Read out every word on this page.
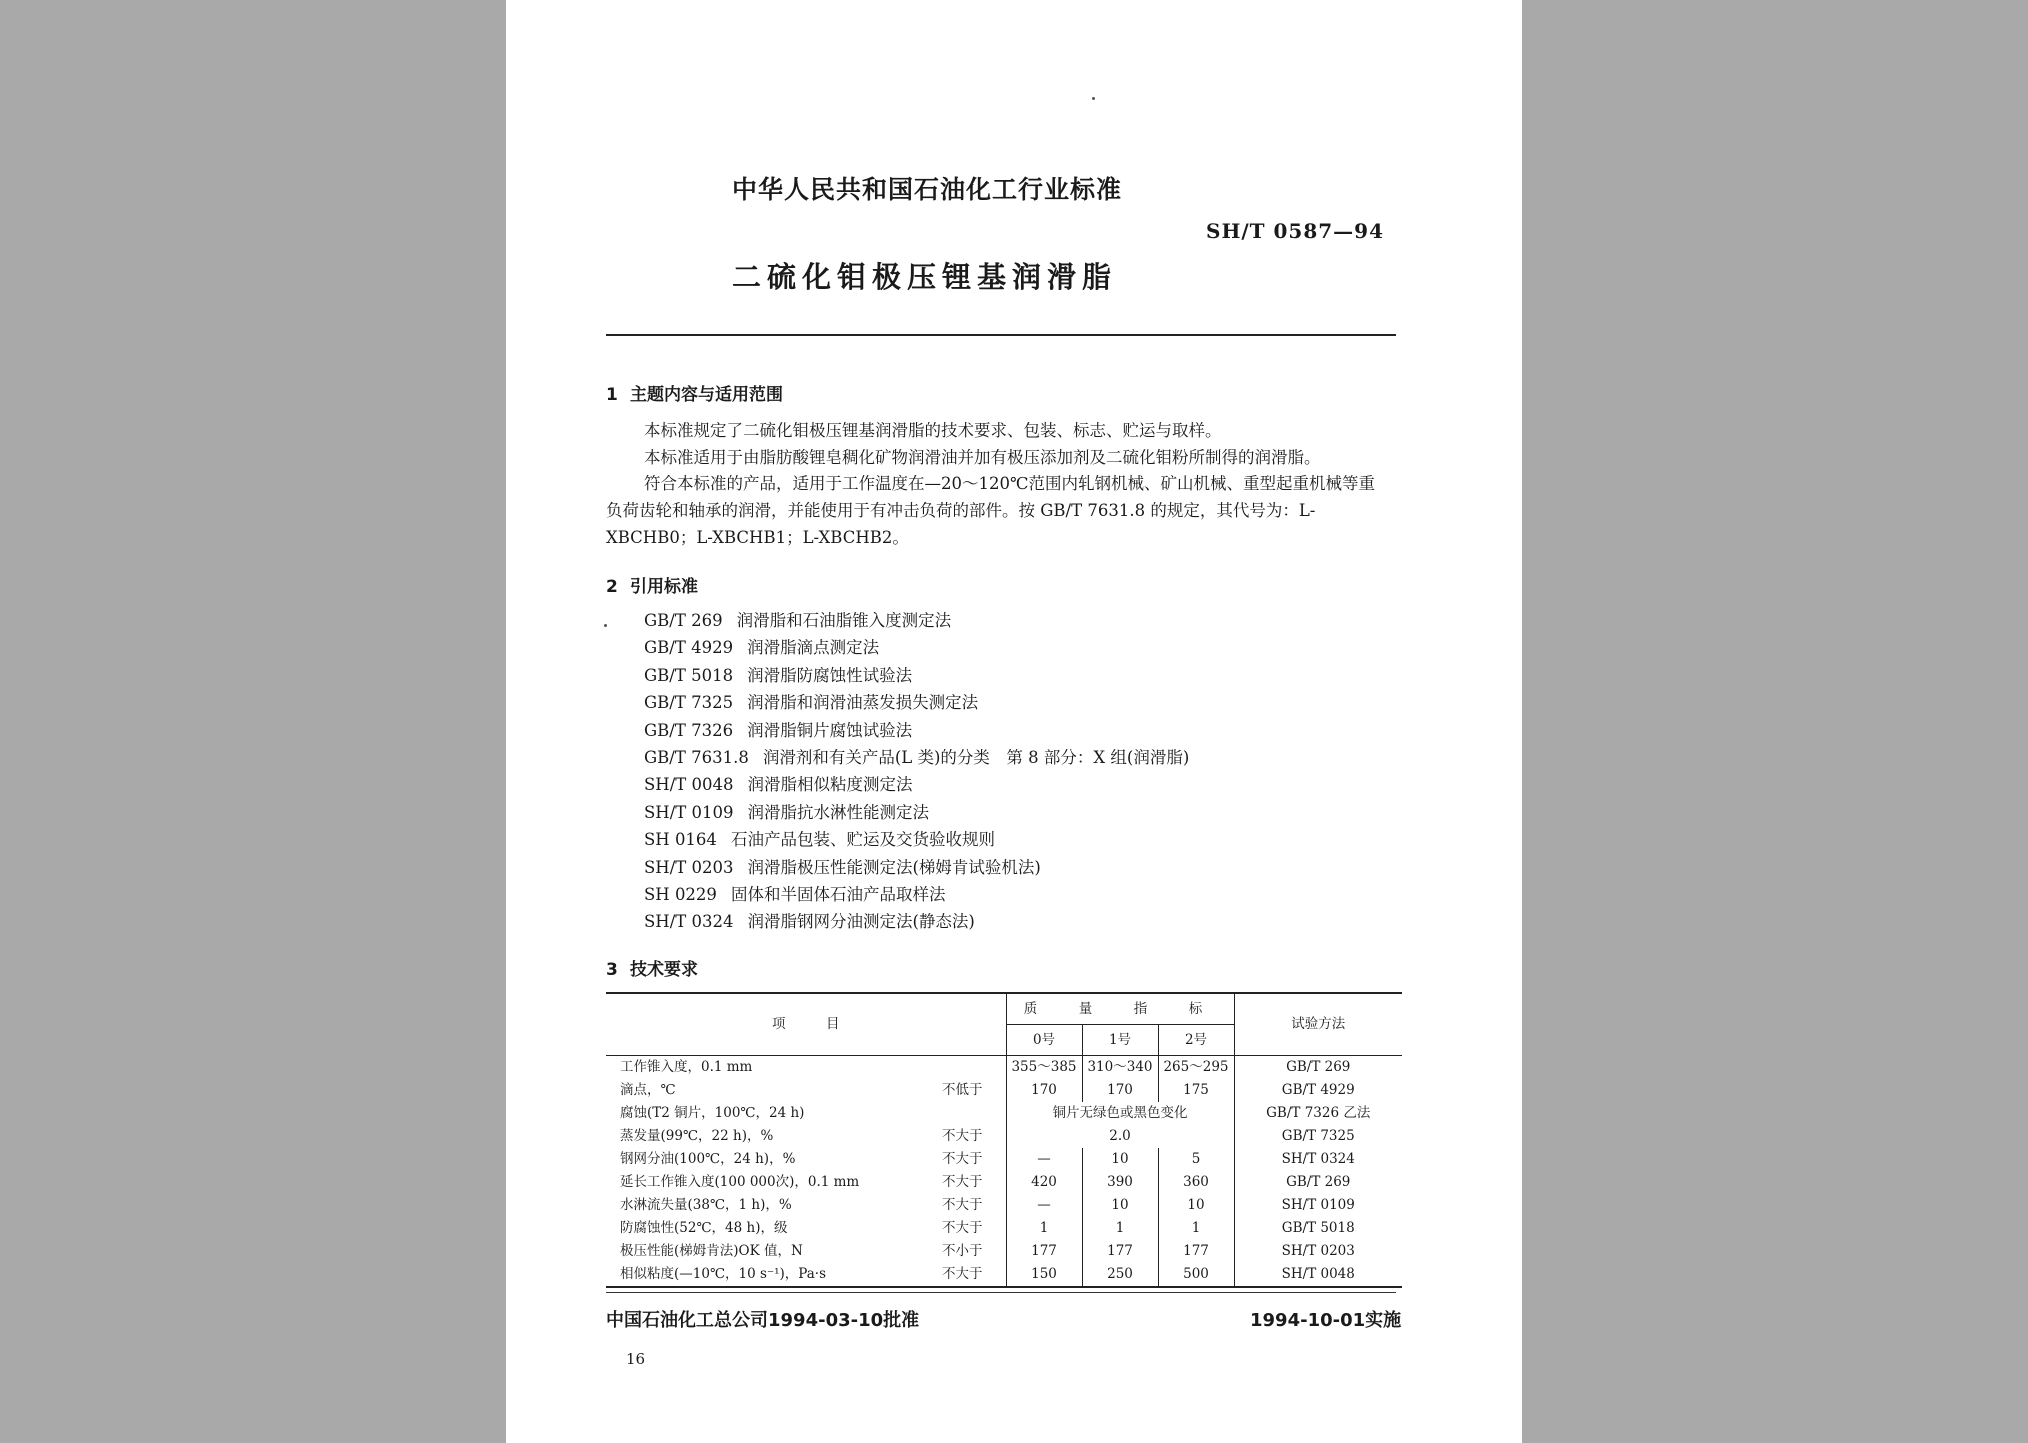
中华人民共和国石油化工行业标准
SH/T 0587—94
二硫化钼极压锂基润滑脂
1 主题内容与适用范围
本标准规定了二硫化钼极压锂基润滑脂的技术要求、包装、标志、贮运与取样。
本标准适用于由脂肪酸锂皂稠化矿物润滑油并加有极压添加剂及二硫化钼粉所制得的润滑脂。
符合本标准的产品，适用于工作温度在—20～120℃范围内轧钢机械、矿山机械、重型起重机械等重
负荷齿轮和轴承的润滑，并能使用于有冲击负荷的部件。按 GB/T 7631.8 的规定，其代号为：L-
XBCHB0；L-XBCHB1；L-XBCHB2。
2 引用标准
GB/T 269 润滑脂和石油脂锥入度测定法
GB/T 4929 润滑脂滴点测定法
GB/T 5018 润滑脂防腐蚀性试验法
GB/T 7325 润滑脂和润滑油蒸发损失测定法
GB/T 7326 润滑脂铜片腐蚀试验法
GB/T 7631.8 润滑剂和有关产品(L 类)的分类　第 8 部分：X 组(润滑脂)
SH/T 0048 润滑脂相似粘度测定法
SH/T 0109 润滑脂抗水淋性能测定法
SH 0164 石油产品包装、贮运及交货验收规则
SH/T 0203 润滑脂极压性能测定法(梯姆肯试验机法)
SH 0229 固体和半固体石油产品取样法
SH/T 0324 润滑脂钢网分油测定法(静态法)
3 技术要求
项　　　目		质　量　指　标			试验方法
		0号	1号	2号	
工作锥入度，0.1 mm		355～385	310～340	265～295	GB/T 269
滴点，℃	不低于	170	170	175	GB/T 4929
腐蚀(T2 铜片，100℃，24 h)		铜片无绿色或黑色变化			GB/T 7326 乙法
蒸发量(99℃，22 h)，%	不大于	2.0			GB/T 7325
钢网分油(100℃，24 h)，%	不大于	—	10	5	SH/T 0324
延长工作锥入度(100 000次)，0.1 mm	不大于	420	390	360	GB/T 269
水淋流失量(38℃，1 h)，%	不大于	—	10	10	SH/T 0109
防腐蚀性(52℃，48 h)，级	不大于	1	1	1	GB/T 5018
极压性能(梯姆肯法)OK 值，N	不小于	177	177	177	SH/T 0203
相似粘度(—10℃，10 s⁻¹)，Pa·s	不大于	150	250	500	SH/T 0048
中国石油化工总公司1994-03-10批准	1994-10-01实施
16
